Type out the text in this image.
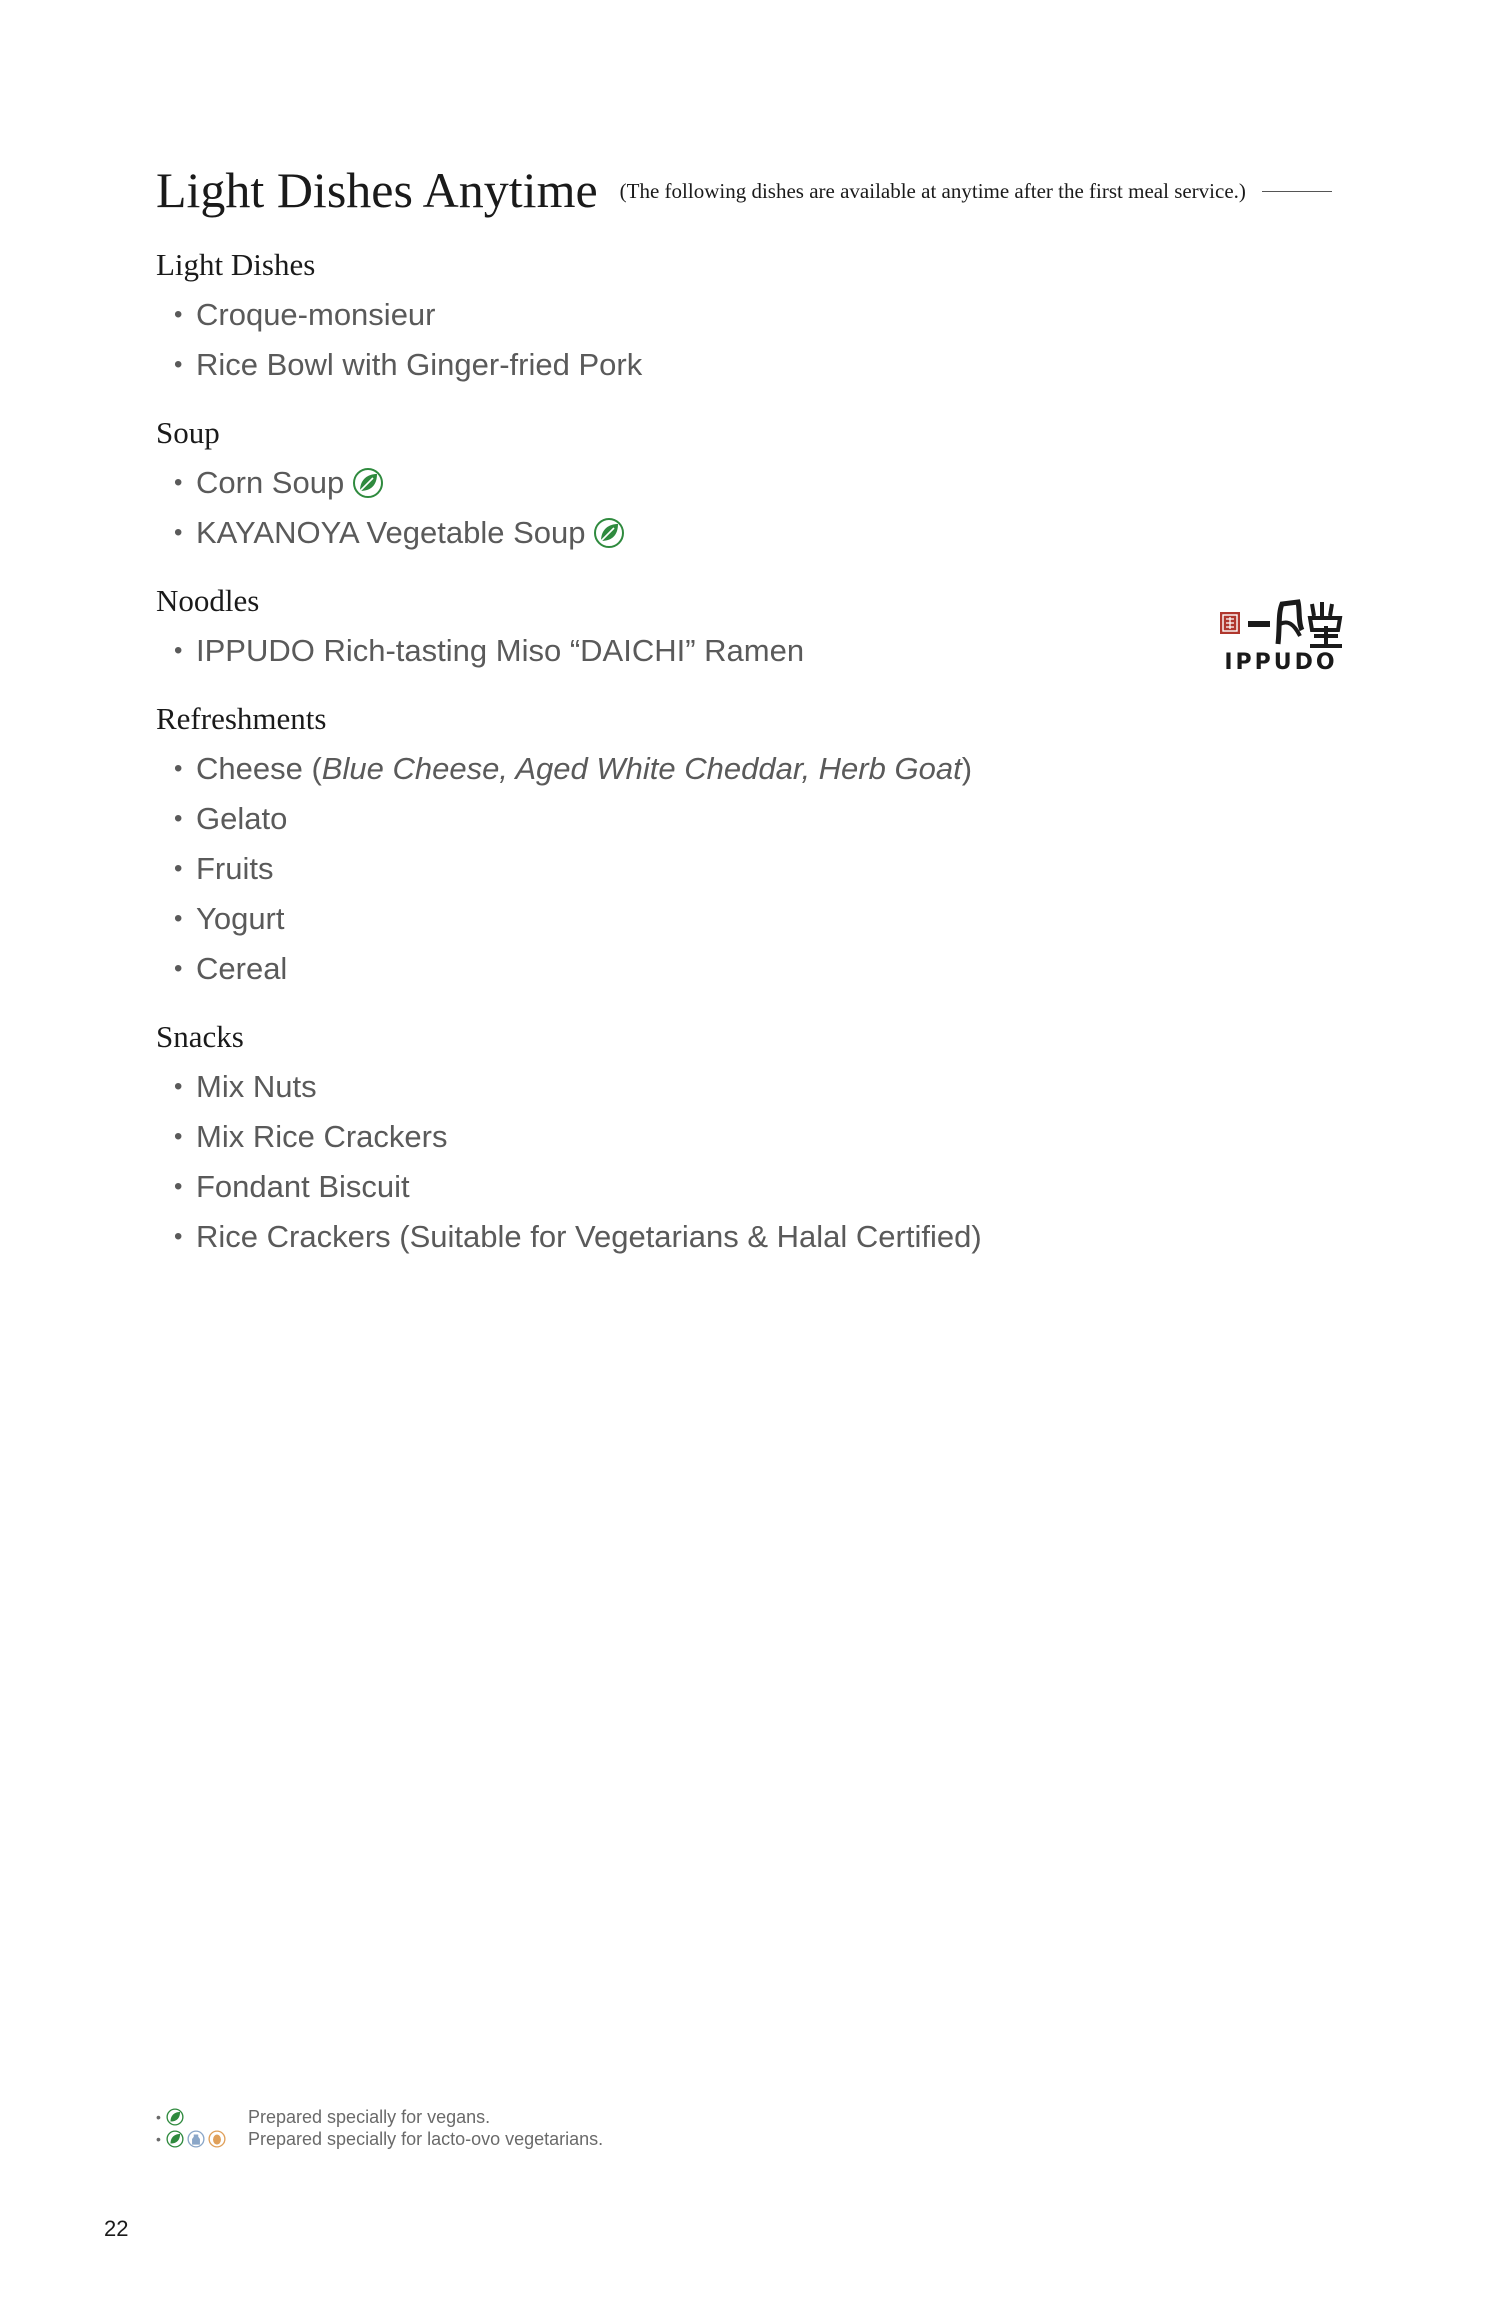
Light Dishes Anytime (The following dishes are available at anytime after the first meal service.)
Light Dishes
• Croque-monsieur
• Rice Bowl with Ginger-fried Pork
Soup
• Corn Soup
• KAYANOYA Vegetable Soup
Noodles
• IPPUDO Rich-tasting Miso “DAICHI” Ramen
Refreshments
• Cheese ( Blue Cheese, Aged White Cheddar, Herb Goat )
• Gelato
• Fruits
• Yogurt
• Cereal
Snacks
• Mix Nuts
• Mix Rice Crackers
• Fondant Biscuit
• Rice Crackers (Suitable for Vegetarians & Halal Certified)
IPPUDO
•	Prepared specially for vegans.
•	Prepared specially for lacto-ovo vegetarians.
22
